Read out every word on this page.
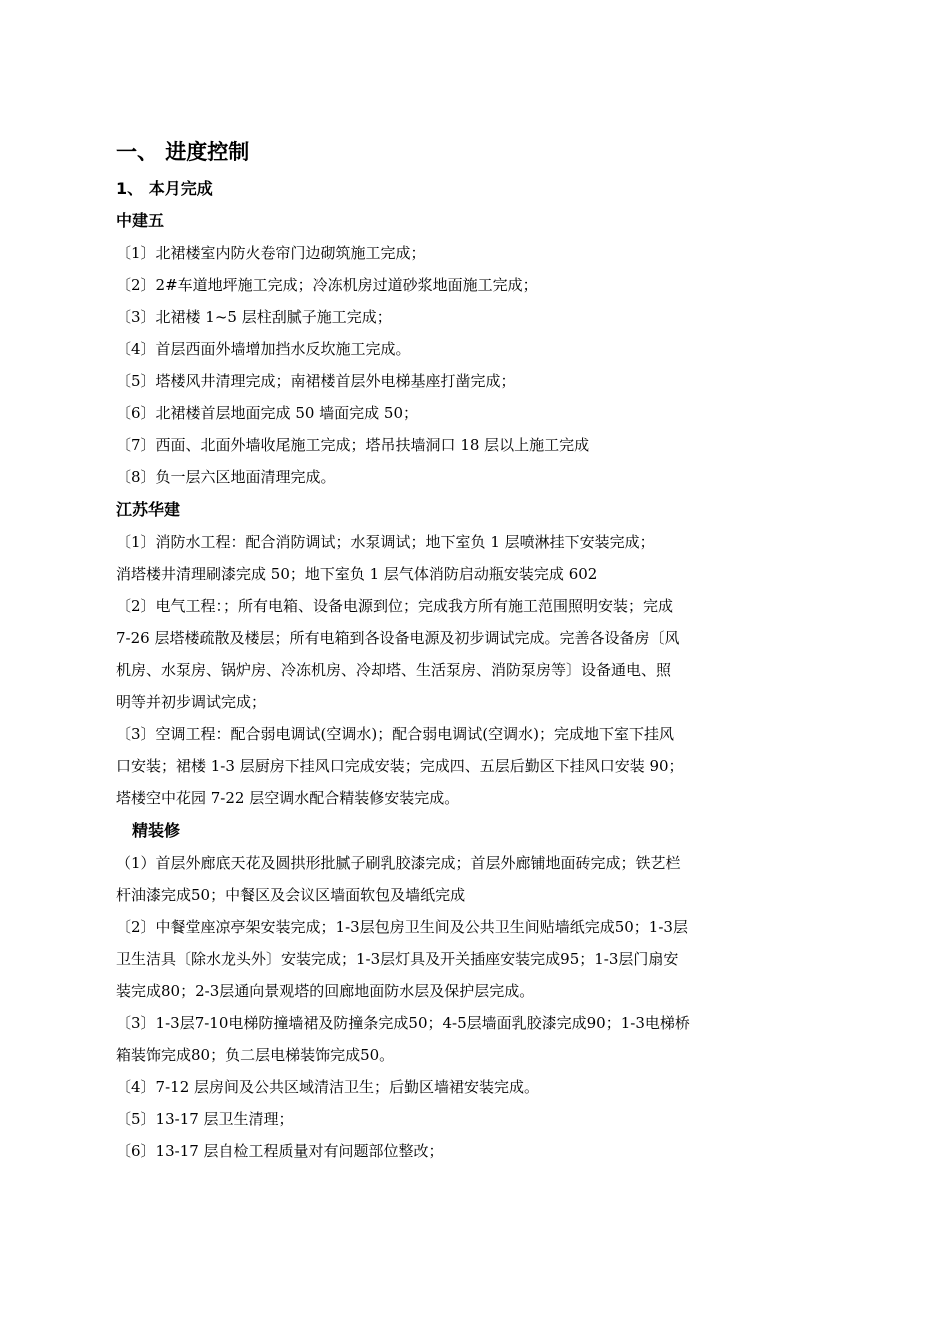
一、 进度控制
1、 本月完成
中建五
〔1〕北裙楼室内防火卷帘门边砌筑施工完成；
〔2〕2#车道地坪施工完成；冷冻机房过道砂浆地面施工完成；
〔3〕北裙楼 1~5 层柱刮腻子施工完成；
〔4〕首层西面外墙增加挡水反坎施工完成。
〔5〕塔楼风井清理完成；南裙楼首层外电梯基座打凿完成；
〔6〕北裙楼首层地面完成 50 墙面完成 50；
〔7〕西面、北面外墙收尾施工完成；塔吊扶墙洞口 18 层以上施工完成
〔8〕负一层六区地面清理完成。
江苏华建
〔1〕消防水工程：配合消防调试；水泵调试；地下室负 1 层喷淋挂下安装完成；
消塔楼井清理刷漆完成 50；地下室负 1 层气体消防启动瓶安装完成 602
〔2〕电气工程：；所有电箱、设备电源到位；完成我方所有施工范围照明安装；完成
7-26 层塔楼疏散及楼层；所有电箱到各设备电源及初步调试完成。完善各设备房〔风
机房、水泵房、锅炉房、冷冻机房、冷却塔、生活泵房、消防泵房等〕设备通电、照
明等并初步调试完成；
〔3〕空调工程：配合弱电调试(空调水)；配合弱电调试(空调水)；完成地下室下挂风
口安装；裙楼 1-3 层厨房下挂风口完成安装；完成四、五层后勤区下挂风口安装 90；
塔楼空中花园 7-22 层空调水配合精装修安装完成。
精装修
（1）首层外廊底天花及圆拱形批腻子刷乳胶漆完成；首层外廊铺地面砖完成；铁艺栏
杆油漆完成50；中餐区及会议区墙面软包及墙纸完成
〔2〕中餐堂座凉亭架安装完成；1-3层包房卫生间及公共卫生间贴墙纸完成50；1-3层
卫生洁具〔除水龙头外〕安装完成；1-3层灯具及开关插座安装完成95；1-3层门扇安
装完成80；2-3层通向景观塔的回廊地面防水层及保护层完成。
〔3〕1-3层7-10电梯防撞墙裙及防撞条完成50；4-5层墙面乳胶漆完成90；1-3电梯桥
箱装饰完成80；负二层电梯装饰完成50。
〔4〕7-12 层房间及公共区域清洁卫生；后勤区墙裙安装完成。
〔5〕13-17 层卫生清理；
〔6〕13-17 层自检工程质量对有问题部位整改；
